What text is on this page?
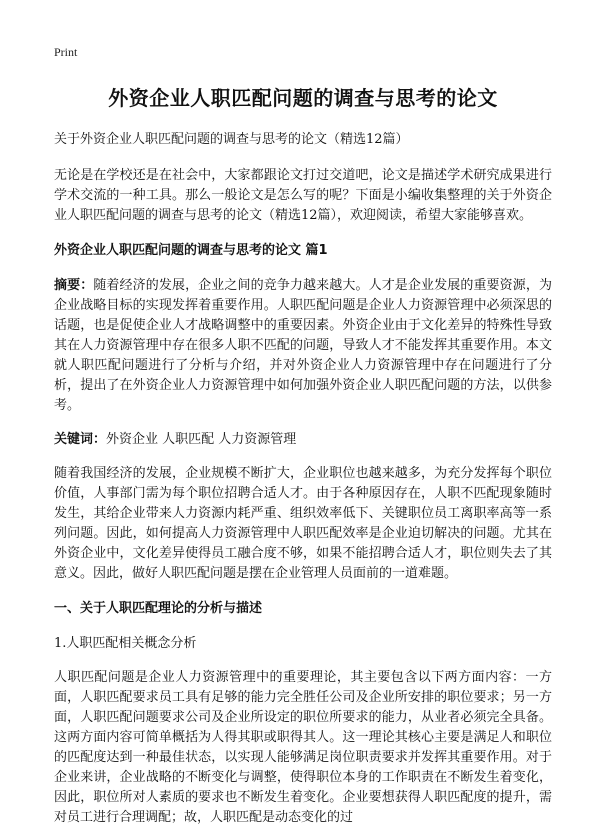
Print
外资企业人职匹配问题的调查与思考的论文
关于外资企业人职匹配问题的调查与思考的论文（精选12篇）

无论是在学校还是在社会中，大家都跟论文打过交道吧，论文是描述学术研究成果进行学术交流的一种工具。那么一般论文是怎么写的呢？下面是小编收集整理的关于外资企业人职匹配问题的调查与思考的论文（精选12篇），欢迎阅读，希望大家能够喜欢。

外资企业人职匹配问题的调查与思考的论文 篇1

摘要：随着经济的发展，企业之间的竞争力越来越大。人才是企业发展的重要资源，为企业战略目标的实现发挥着重要作用。人职匹配问题是企业人力资源管理中必须深思的话题，也是促使企业人才战略调整中的重要因素。外资企业由于文化差异的特殊性导致其在人力资源管理中存在很多人职不匹配的问题，导致人才不能发挥其重要作用。本文就人职匹配问题进行了分析与介绍，并对外资企业人力资源管理中存在问题进行了分析，提出了在外资企业人力资源管理中如何加强外资企业人职匹配问题的方法，以供参考。

关键词：外资企业 人职匹配 人力资源管理

随着我国经济的发展，企业规模不断扩大，企业职位也越来越多，为充分发挥每个职位价值，人事部门需为每个职位招聘合适人才。由于各种原因存在，人职不匹配现象随时发生，其给企业带来人力资源内耗严重、组织效率低下、关键职位员工离职率高等一系列问题。因此，如何提高人力资源管理中人职匹配效率是企业迫切解决的问题。尤其在外资企业中，文化差异使得员工融合度不够，如果不能招聘合适人才，职位则失去了其意义。因此，做好人职匹配问题是摆在企业管理人员面前的一道难题。

一、关于人职匹配理论的分析与描述
1.人职匹配相关概念分析

人职匹配问题是企业人力资源管理中的重要理论，其主要包含以下两方面内容：一方面，人职匹配要求员工具有足够的能力完全胜任公司及企业所安排的职位要求；另一方面，人职匹配问题要求公司及企业所设定的职位所要求的能力，从业者必须完全具备。这两方面内容可简单概括为人得其职或职得其人。这一理论其核心主要是满足人和职位的匹配度达到一种最佳状态，以实现人能够满足岗位职责要求并发挥其重要作用。对于企业来讲，企业战略的不断变化与调整，使得职位本身的工作职责在不断发生着变化，因此，职位所对人素质的要求也不断发生着变化。企业要想获得人职匹配度的提升，需对员工进行合理调配；故，人职匹配是动态变化的过
